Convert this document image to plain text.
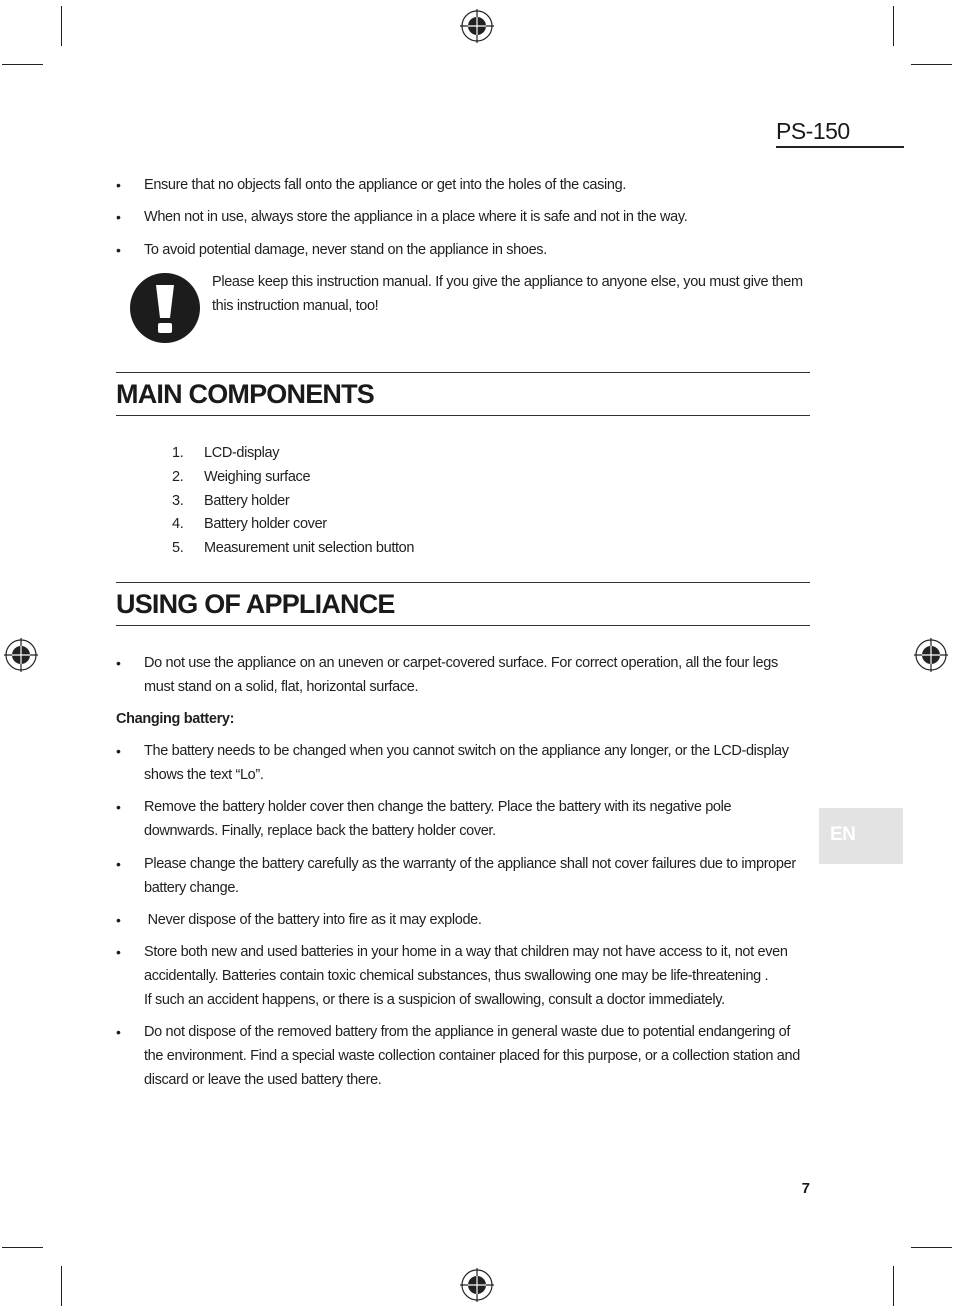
PS-150
• Ensure that no objects fall onto the appliance or get into the holes of the casing.
• When not in use, always store the appliance in a place where it is safe and not in the way.
• To avoid potential damage, never stand on the appliance in shoes.
Please keep this instruction manual. If you give the appliance to anyone else, you must give them this instruction manual, too!
MAIN COMPONENTS
1. LCD-display
2. Weighing surface
3. Battery holder
4. Battery holder cover
5. Measurement unit selection button
USING OF APPLIANCE
• Do not use the appliance on an uneven or carpet-covered surface. For correct operation, all the four legs must stand on a solid, flat, horizontal surface.
Changing battery:
• The battery needs to be changed when you cannot switch on the appliance any longer, or the LCD-display shows the text “Lo”.
• Remove the battery holder cover then change the battery. Place the battery with its negative pole downwards. Finally, replace back the battery holder cover.
• Please change the battery carefully as the warranty of the appliance shall not cover failures due to improper battery change.
• Never dispose of the battery into fire as it may explode.
• Store both new and used batteries in your home in a way that children may not have access to it, not even accidentally. Batteries contain toxic chemical substances, thus swallowing one may be life-threatening .
If such an accident happens, or there is a suspicion of swallowing, consult a doctor immediately.
• Do not dispose of the removed battery from the appliance in general waste due to potential endangering of the environment. Find a special waste collection container placed for this purpose, or a collection station and discard or leave the used battery there.
EN
7
